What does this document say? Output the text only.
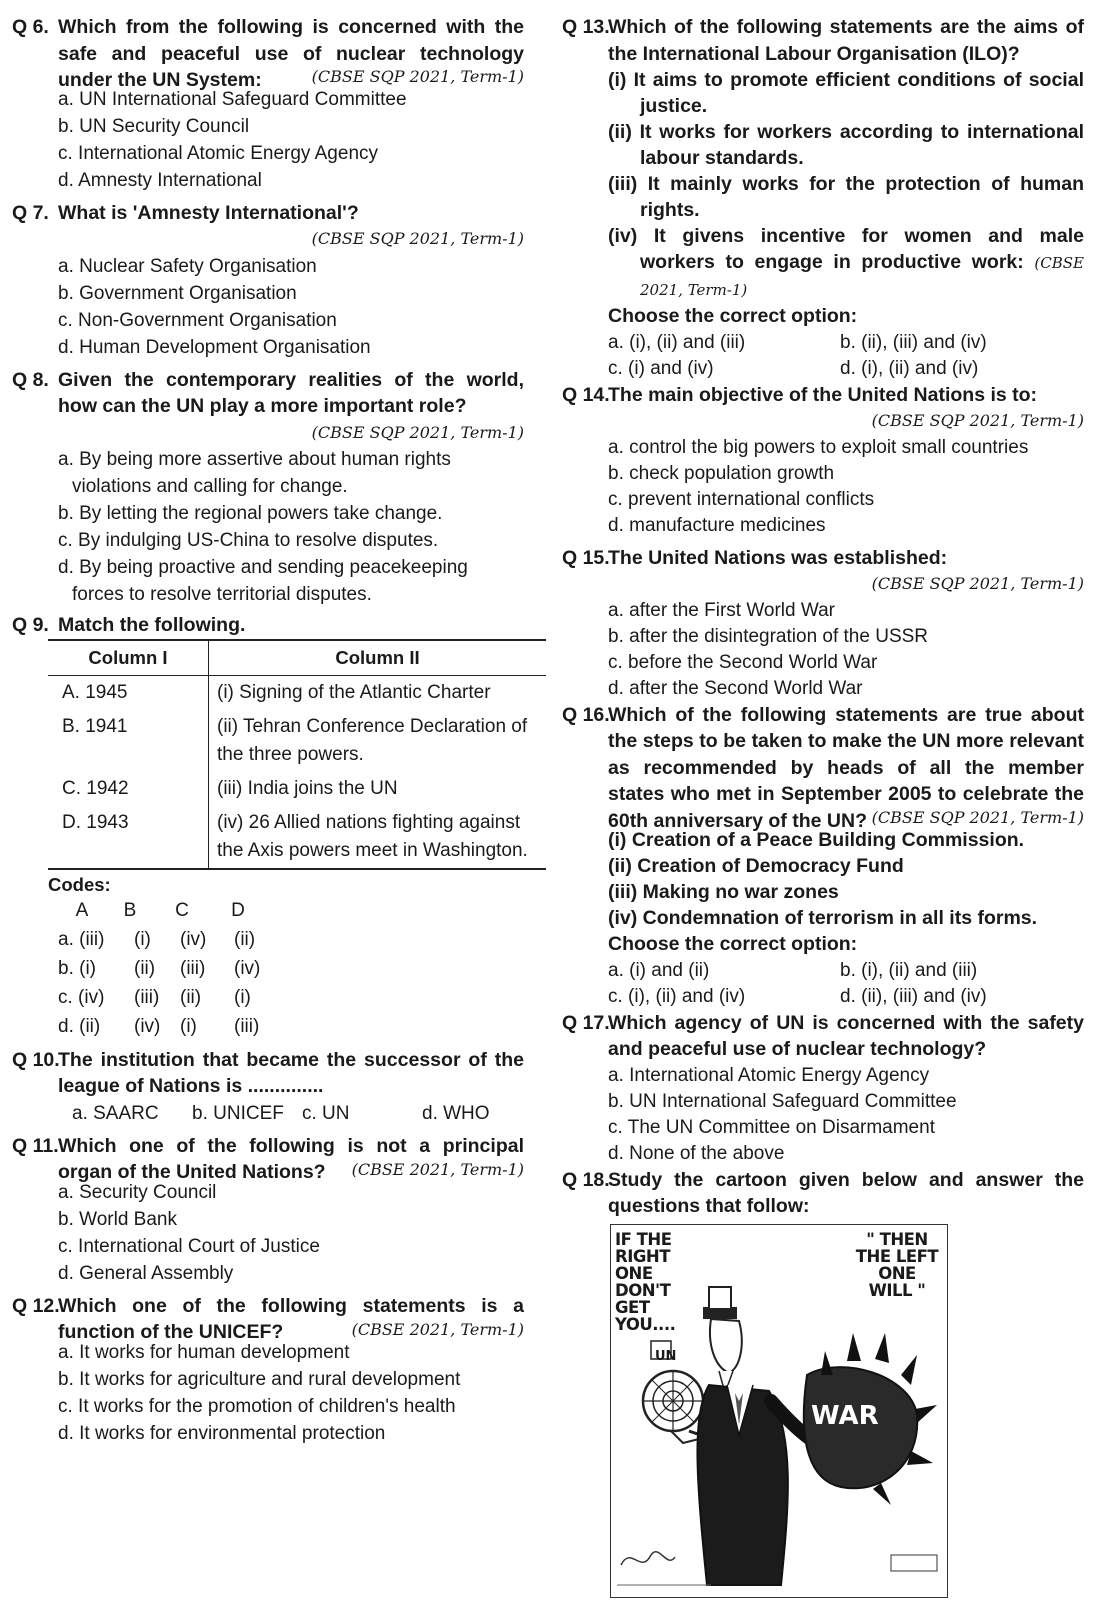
Q 6. Which from the following is concerned with the safe and peaceful use of nuclear technology under the UN System:	(CBSE SQP 2021, Term-1)
a. UN International Safeguard Committee
b. UN Security Council
c. International Atomic Energy Agency
d. Amnesty International
Q 7. What is 'Amnesty International'?
(CBSE SQP 2021, Term-1)
a. Nuclear Safety Organisation
b. Government Organisation
c. Non-Government Organisation
d. Human Development Organisation
Q 8. Given the contemporary realities of the world, how can the UN play a more important role?
(CBSE SQP 2021, Term-1)
a. By being more assertive about human rights violations and calling for change.
b. By letting the regional powers take change.
c. By indulging US-China to resolve disputes.
d. By being proactive and sending peacekeeping forces to resolve territorial disputes.
Q 9. Match the following.
Column I	Column II
A. 1945	(i) Signing of the Atlantic Charter
B. 1941	(ii) Tehran Conference Declaration of the three powers.
C. 1942	(iii) India joins the UN
D. 1943	(iv) 26 Allied nations fighting against the Axis powers meet in Washington.
Codes:
A	B	C	D
a. (iii)	(i)	(iv)	(ii)
b. (i)	(ii)	(iii)	(iv)
c. (iv)	(iii)	(ii)	(i)
d. (ii)	(iv)	(i)	(iii)
Q 10.
The institution that became the successor of the league of Nations is ..............
a. SAARC	b. UNICEF c. UN	d. WHO
Q 11. Which one of the following is not a principal organ of the United Nations?	(CBSE 2021, Term-1)
a. Security Council
b. World Bank
c. International Court of Justice
d. General Assembly
Q 12.
Which one of the following statements is a function of the UNICEF?	(CBSE 2021, Term-1)
a. It works for human development
b. It works for agriculture and rural development
c. It works for the promotion of children's health
d. It works for environmental protection
Q 13.
Which of the following statements are the aims of the International Labour Organisation (ILO)?
(i) It aims to promote efficient conditions of social justice.
(ii) It works for workers according to international labour standards.
(iii) It mainly works for the protection of human rights.
(iv) It givens incentive for women and male workers to engage in productive work: (CBSE 2021, Term-1)
Choose the correct option:
a. (i), (ii) and (iii)	b. (ii), (iii) and (iv)
c. (i) and (iv)	d. (i), (ii) and (iv)
Q 14.
The main objective of the United Nations is to:
(CBSE SQP 2021, Term-1)
a. control the big powers to exploit small countries
b. check population growth
c. prevent international conflicts
d. manufacture medicines
Q 15.
The United Nations was established:
(CBSE SQP 2021, Term-1)
a. after the First World War
b. after the disintegration of the USSR
c. before the Second World War
d. after the Second World War
Q 16.
Which of the following statements are true about the steps to be taken to make the UN more relevant as recommended by heads of all the member states who met in September 2005 to celebrate the 60th anniversary of the UN? (CBSE SQP 2021, Term-1)
(i) Creation of a Peace Building Commission.
(ii) Creation of Democracy Fund
(iii) Making no war zones
(iv) Condemnation of terrorism in all its forms.
Choose the correct option:
a. (i) and (ii)	b. (i), (ii) and (iii)
c. (i), (ii) and (iv)	d. (ii), (iii) and (iv)
Q 17.
Which agency of UN is concerned with the safety and peaceful use of nuclear technology?
a. International Atomic Energy Agency
b. UN International Safeguard Committee
c. The UN Committee on Disarmament
d. None of the above
Q 18.
Study the cartoon given below and answer the questions that follow:
IF THE RIGHT ONE DON'T GET YOU....
" THEN THE LEFT ONE WILL "
UN
WAR
